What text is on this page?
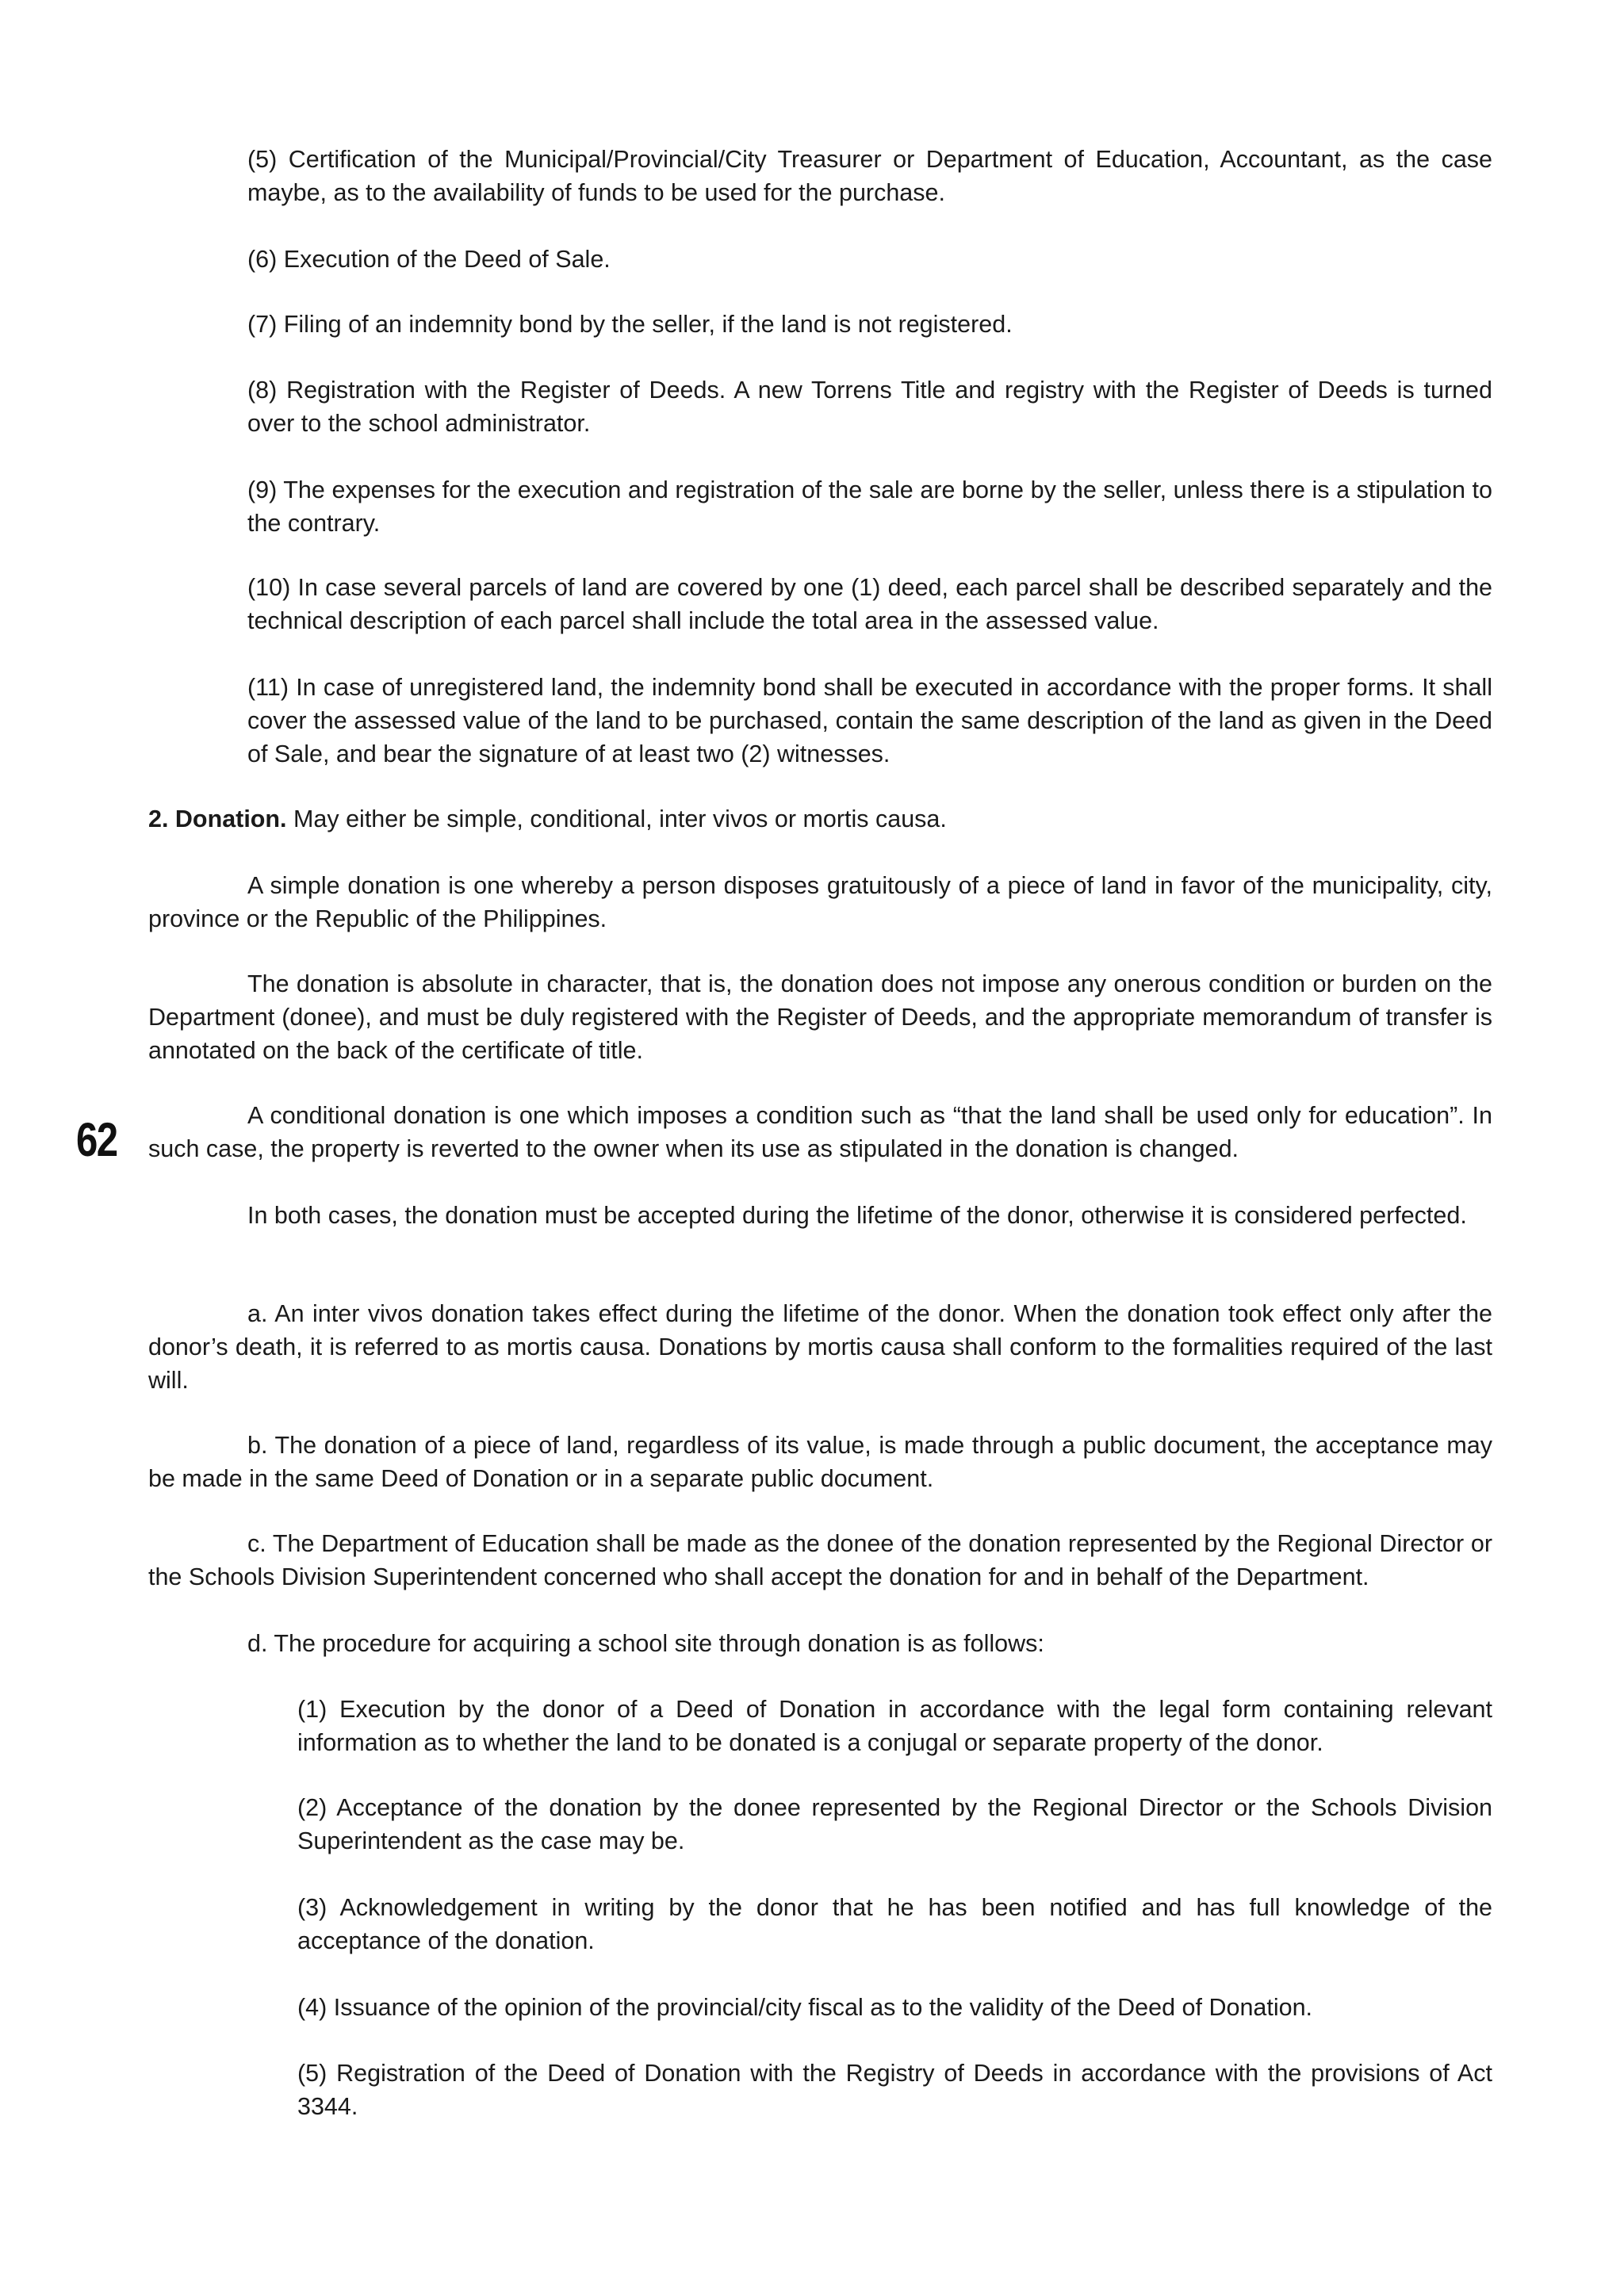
62

(5) Certification of the Municipal/Provincial/City Treasurer or Department of Education, Accountant, as the case maybe, as to the availability of funds to be used for the purchase.

(6) Execution of the Deed of Sale.

(7) Filing of an indemnity bond by the seller, if the land is not registered.

(8) Registration with the Register of Deeds. A new Torrens Title and registry with the Register of Deeds is turned over to the school administrator.

(9) The expenses for the execution and registration of the sale are borne by the seller, unless there is a stipulation to the contrary.

(10) In case several parcels of land are covered by one (1) deed, each parcel shall be described separately and the technical description of each parcel shall include the total area in the assessed value.

(11) In case of unregistered land, the indemnity bond shall be executed in accordance with the proper forms. It shall cover the assessed value of the land to be purchased, contain the same description of the land as given in the Deed of Sale, and bear the signature of at least two (2) witnesses.

2. Donation. May either be simple, conditional, inter vivos or mortis causa.

A simple donation is one whereby a person disposes gratuitously of a piece of land in favor of the municipality, city, province or the Republic of the Philippines.

The donation is absolute in character, that is, the donation does not impose any onerous condition or burden on the Department (donee), and must be duly registered with the Register of Deeds, and the appropriate memorandum of transfer is annotated on the back of the certificate of title.

A conditional donation is one which imposes a condition such as “that the land shall be used only for education”. In such case, the property is reverted to the owner when its use as stipulated in the donation is changed.

In both cases, the donation must be accepted during the lifetime of the donor, otherwise it is considered perfected.

a. An inter vivos donation takes effect during the lifetime of the donor. When the donation took effect only after the donor’s death, it is referred to as mortis causa. Donations by mortis causa shall conform to the formalities required of the last will.

b. The donation of a piece of land, regardless of its value, is made through a public document, the acceptance may be made in the same Deed of Donation or in a separate public document.

c. The Department of Education shall be made as the donee of the donation represented by the Regional Director or the Schools Division Superintendent concerned who shall accept the donation for and in behalf of the Department.

d. The procedure for acquiring a school site through donation is as follows:

(1) Execution by the donor of a Deed of Donation in accordance with the legal form containing relevant information as to whether the land to be donated is a conjugal or separate property of the donor.

(2) Acceptance of the donation by the donee represented by the Regional Director or the Schools Division Superintendent as the case may be.

(3) Acknowledgement in writing by the donor that he has been notified and has full knowledge of the acceptance of the donation.

(4) Issuance of the opinion of the provincial/city fiscal as to the validity of the Deed of Donation.

(5) Registration of the Deed of Donation with the Registry of Deeds in accordance with the provisions of Act 3344.
